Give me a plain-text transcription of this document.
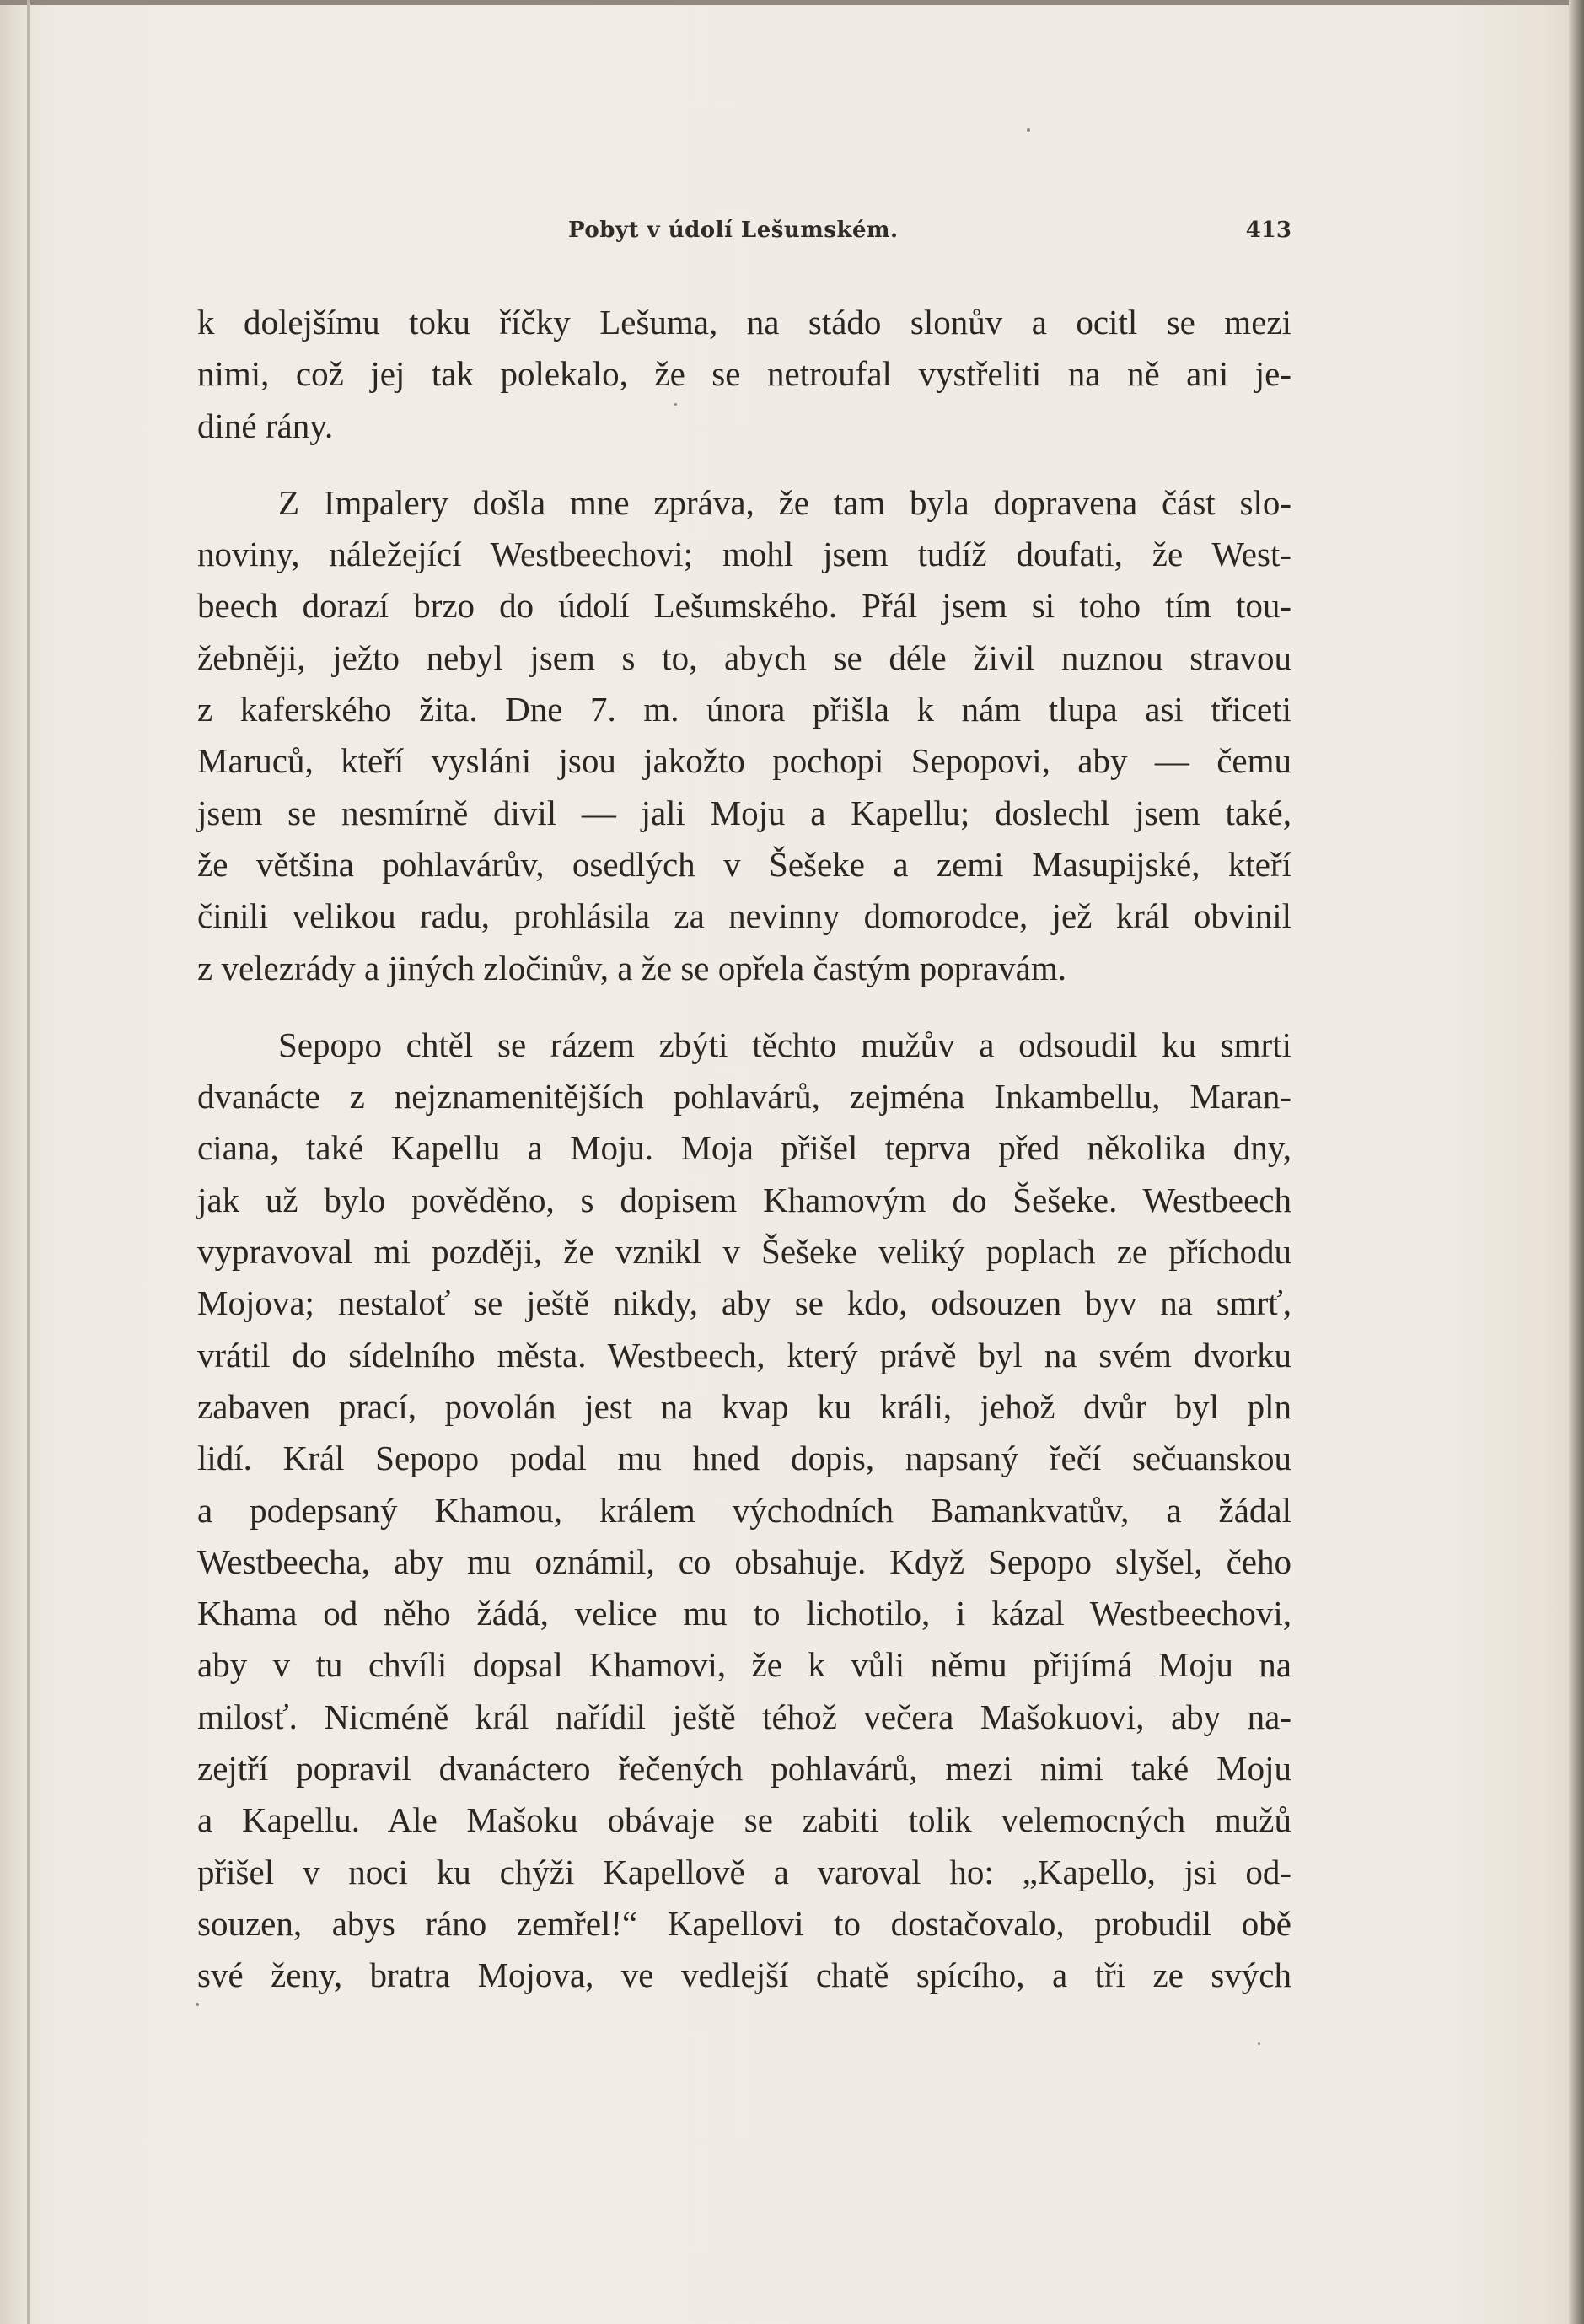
Pobyt v údolí Lešumském.	413
k dolejšímu toku říčky Lešuma, na stádo slonův a ocitl se mezi
nimi, což jej tak polekalo, že se netroufal vystřeliti na ně ani je-
diné rány.
Z Impalery došla mne zpráva, že tam byla dopravena část slo-
noviny, náležející Westbeechovi; mohl jsem tudíž doufati, že West-
beech dorazí brzo do údolí Lešumského. Přál jsem si toho tím tou-
žebněji, ježto nebyl jsem s to, abych se déle živil nuznou stravou
z kaferského žita. Dne 7. m. února přišla k nám tlupa asi třiceti
Maruců, kteří vysláni jsou jakožto pochopi Sepopovi, aby — čemu
jsem se nesmírně divil — jali Moju a Kapellu; doslechl jsem také,
že většina pohlavárův, osedlých v Šešeke a zemi Masupijské, kteří
činili velikou radu, prohlásila za nevinny domorodce, jež král obvinil
z velezrády a jiných zločinův, a že se opřela častým popravám.
Sepopo chtěl se rázem zbýti těchto mužův a odsoudil ku smrti
dvanácte z nejznamenitějších pohlavárů, zejména Inkambellu, Maran-
ciana, také Kapellu a Moju. Moja přišel teprva před několika dny,
jak už bylo pověděno, s dopisem Khamovým do Šešeke. Westbeech
vypravoval mi později, že vznikl v Šešeke veliký poplach ze příchodu
Mojova; nestaloť se ještě nikdy, aby se kdo, odsouzen byv na smrť,
vrátil do sídelního města. Westbeech, který právě byl na svém dvorku
zabaven prací, povolán jest na kvap ku králi, jehož dvůr byl pln
lidí. Král Sepopo podal mu hned dopis, napsaný řečí sečuanskou
a podepsaný Khamou, králem východních Bamankvatův, a žádal
Westbeecha, aby mu oznámil, co obsahuje. Když Sepopo slyšel, čeho
Khama od něho žádá, velice mu to lichotilo, i kázal Westbeechovi,
aby v tu chvíli dopsal Khamovi, že k vůli němu přijímá Moju na
milosť. Nicméně král nařídil ještě téhož večera Mašokuovi, aby na-
zejtří popravil dvanáctero řečených pohlavárů, mezi nimi také Moju
a Kapellu. Ale Mašoku obávaje se zabiti tolik velemocných mužů
přišel v noci ku chýži Kapellově a varoval ho: „Kapello, jsi od-
souzen, abys ráno zemřel!“ Kapellovi to dostačovalo, probudil obě
své ženy, bratra Mojova, ve vedlejší chatě spícího, a tři ze svých
